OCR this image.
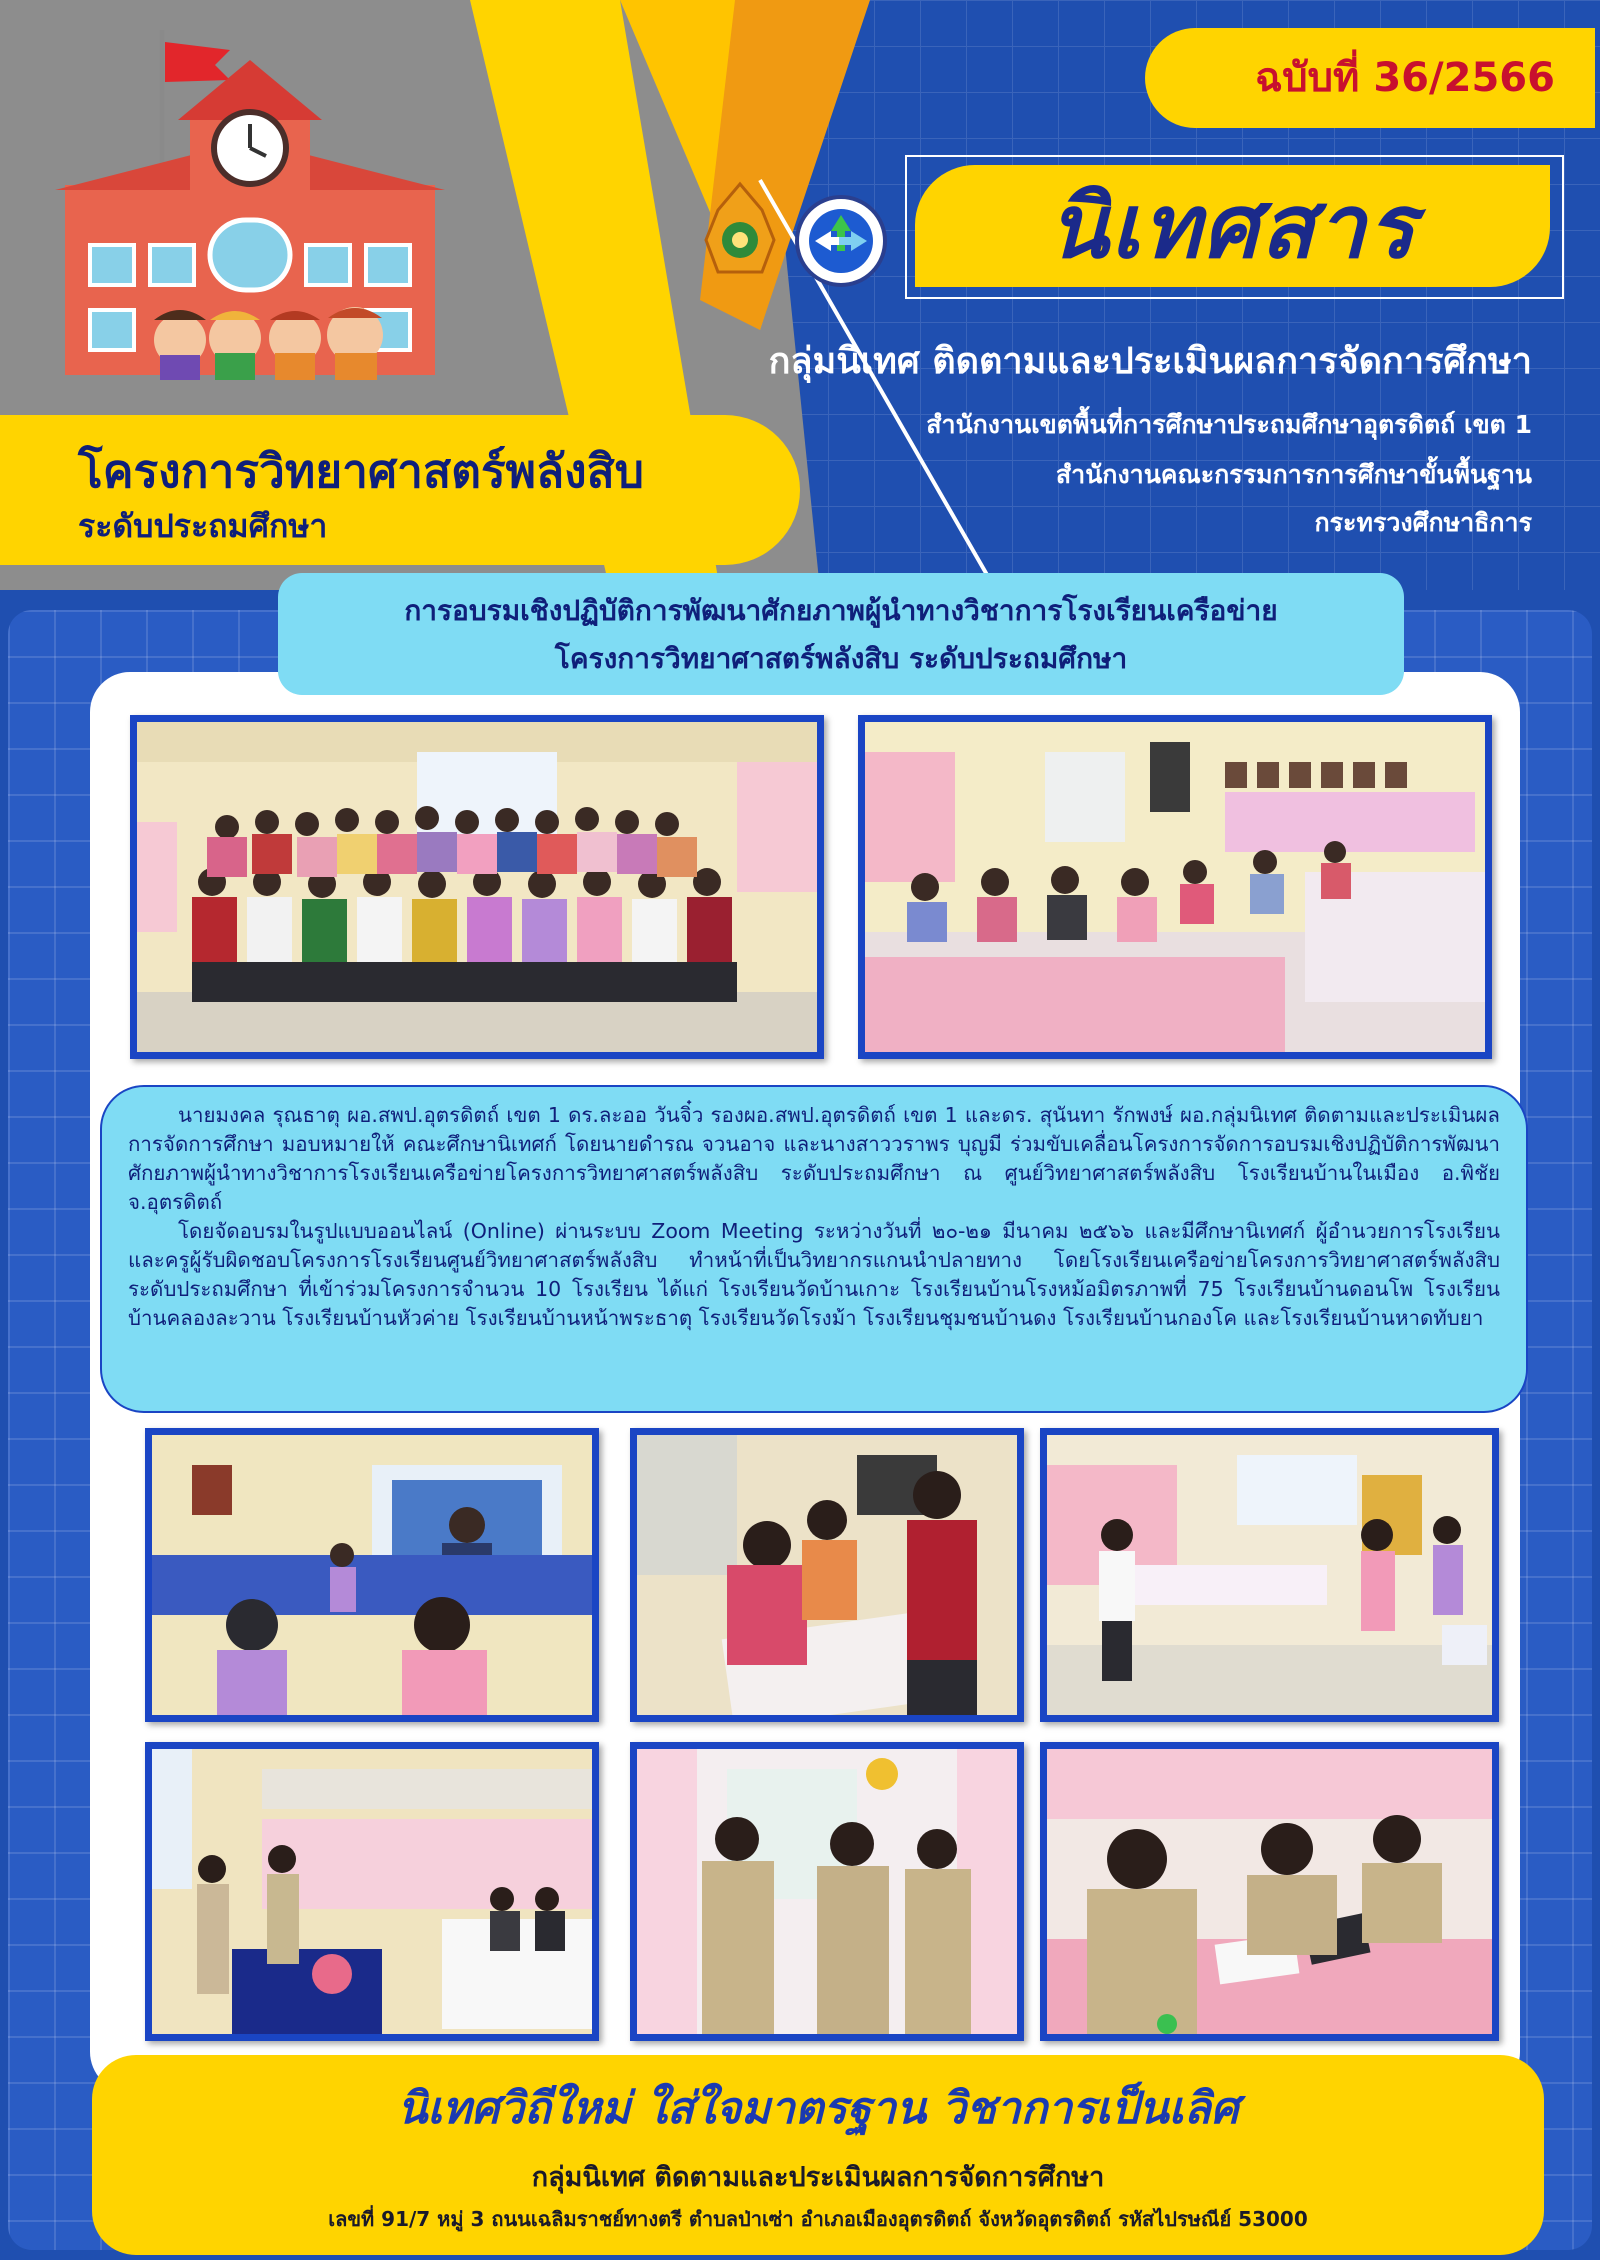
ฉบับที่ 36/2566
นิเทศสาร
กลุ่มนิเทศ ติดตามและประเมินผลการจัดการศึกษา
สำนักงานเขตพื้นที่การศึกษาประถมศึกษาอุตรดิตถ์ เขต 1
สำนักงานคณะกรรมการการศึกษาขั้นพื้นฐาน
กระทรวงศึกษาธิการ
โครงการวิทยาศาสตร์พลังสิบ
ระดับประถมศึกษา
การอบรมเชิงปฏิบัติการพัฒนาศักยภาพผู้นำทางวิชาการโรงเรียนเครือข่าย
โครงการวิทยาศาสตร์พลังสิบ ระดับประถมศึกษา

นายมงคล รุณธาตุ ผอ.สพป.อุตรดิตถ์ เขต 1 ดร.ละออ วันจิ๋ว รองผอ.สพป.อุตรดิตถ์ เขต 1 และดร. สุนันทา รักพงษ์ ผอ.กลุ่มนิเทศ ติดตามและประเมินผลการจัดการศึกษา มอบหมายให้ คณะศึกษานิเทศก์ โดยนายดำรณ จวนอาจ และนางสาววราพร บุญมี ร่วมขับเคลื่อนโครงการจัดการอบรมเชิงปฏิบัติการพัฒนาศักยภาพผู้นำทางวิชาการโรงเรียนเครือข่ายโครงการวิทยาศาสตร์พลังสิบ ระดับประถมศึกษา ณ ศูนย์วิทยาศาสตร์พลังสิบ โรงเรียนบ้านในเมือง อ.พิชัย จ.อุตรดิตถ์

โดยจัดอบรมในรูปแบบออนไลน์ (Online) ผ่านระบบ Zoom Meeting ระหว่างวันที่ ๒๐-๒๑ มีนาคม ๒๕๖๖ และมีศึกษานิเทศก์ ผู้อำนวยการโรงเรียน และครูผู้รับผิดชอบโครงการโรงเรียนศูนย์วิทยาศาสตร์พลังสิบ ทำหน้าที่เป็นวิทยากรแกนนำปลายทาง โดยโรงเรียนเครือข่ายโครงการวิทยาศาสตร์พลังสิบ ระดับประถมศึกษา ที่เข้าร่วมโครงการจำนวน 10 โรงเรียน ได้แก่ โรงเรียนวัดบ้านเกาะ โรงเรียนบ้านโรงหม้อมิตรภาพที่ 75 โรงเรียนบ้านดอนโพ โรงเรียนบ้านคลองละวาน โรงเรียนบ้านหัวค่าย โรงเรียนบ้านหน้าพระธาตุ โรงเรียนวัดโรงม้า โรงเรียนชุมชนบ้านดง โรงเรียนบ้านกองโค และโรงเรียนบ้านหาดทับยา

นิเทศวิถีใหม่ ใส่ใจมาตรฐาน วิชาการเป็นเลิศ
กลุ่มนิเทศ ติดตามและประเมินผลการจัดการศึกษา
เลขที่ 91/7 หมู่ 3 ถนนเฉลิมราชย์ทางตรี ตำบลป่าเซ่า อำเภอเมืองอุตรดิตถ์ จังหวัดอุตรดิตถ์ รหัสไปรษณีย์ 53000
